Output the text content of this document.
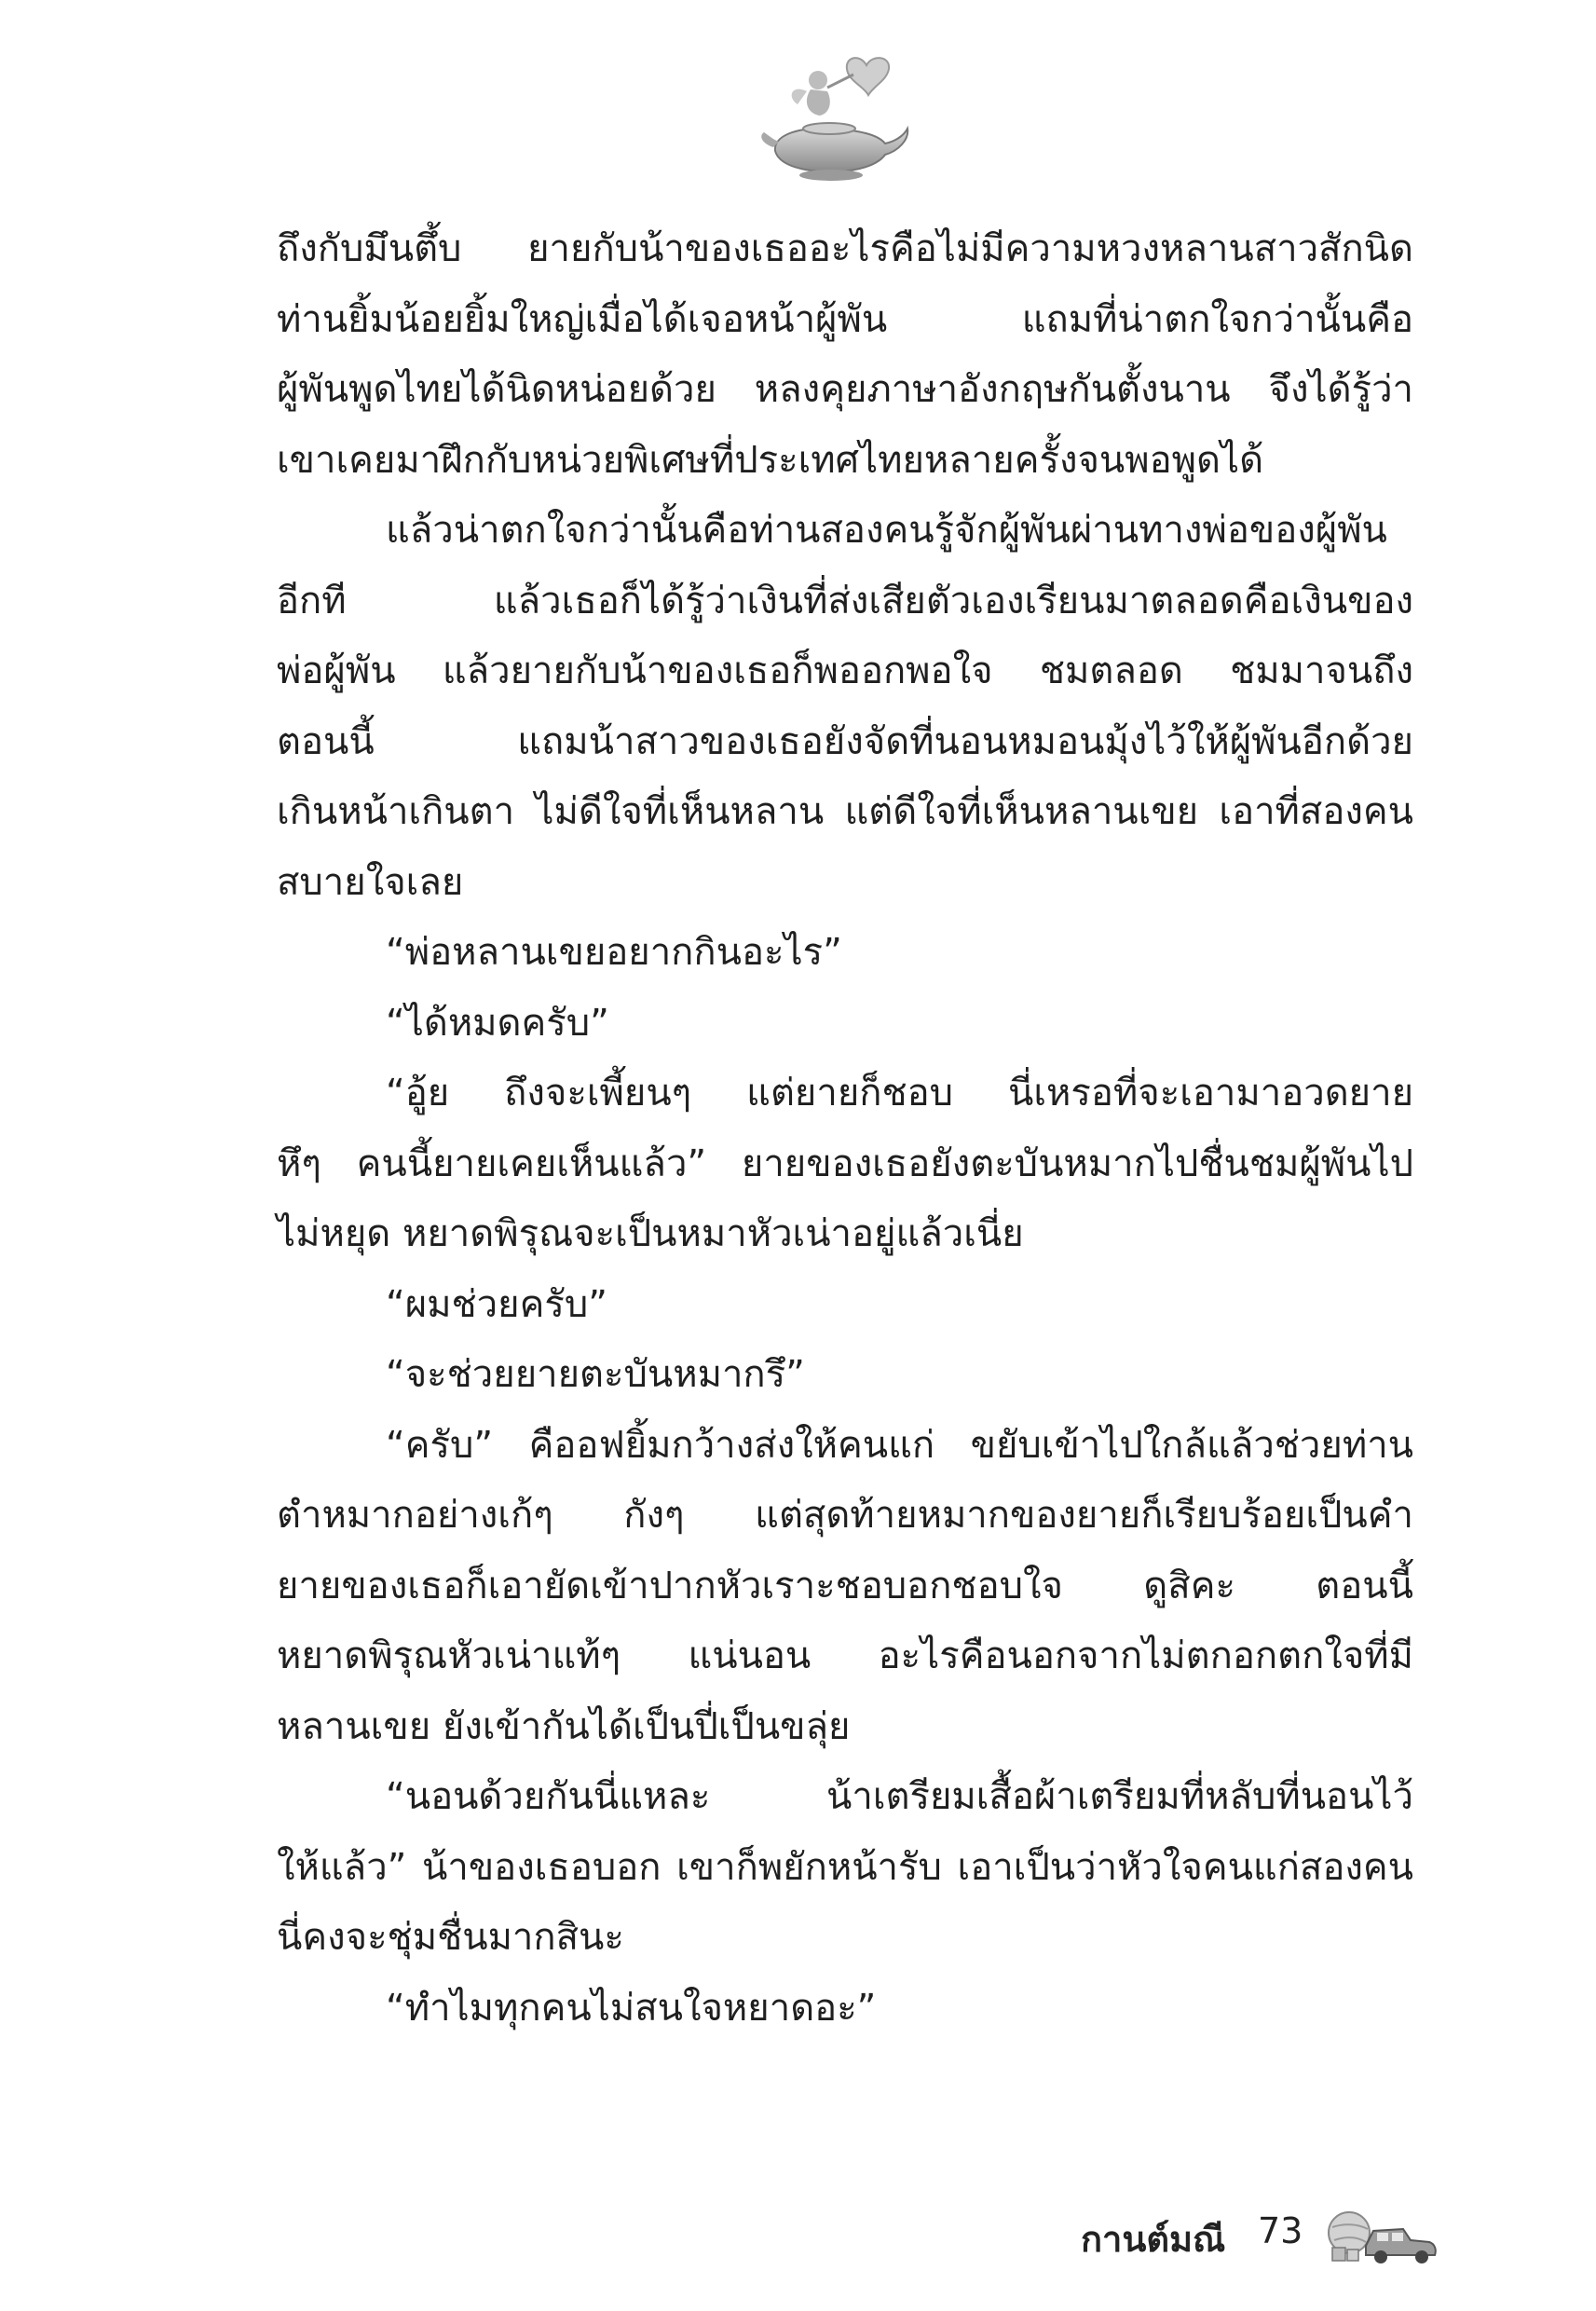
ถึงกับมึนตึ้บ ยายกับน้าของเธออะไรคือไม่มีความหวงหลานสาวสักนิด
ท่านยิ้มน้อยยิ้มใหญ่เมื่อได้เจอหน้าผู้พัน แถมที่น่าตกใจกว่านั้นคือ
ผู้พันพูดไทยได้นิดหน่อยด้วย หลงคุยภาษาอังกฤษกันตั้งนาน จึงได้รู้ว่า
เขาเคยมาฝึกกับหน่วยพิเศษที่ประเทศไทยหลายครั้งจนพอพูดได้
แล้วน่าตกใจกว่านั้นคือท่านสองคนรู้จักผู้พันผ่านทางพ่อของผู้พัน
อีกที แล้วเธอก็ได้รู้ว่าเงินที่ส่งเสียตัวเองเรียนมาตลอดคือเงินของ
พ่อผู้พัน แล้วยายกับน้าของเธอก็พออกพอใจ ชมตลอด ชมมาจนถึง
ตอนนี้ แถมน้าสาวของเธอยังจัดที่นอนหมอนมุ้งไว้ให้ผู้พันอีกด้วย
เกินหน้าเกินตา ไม่ดีใจที่เห็นหลาน แต่ดีใจที่เห็นหลานเขย เอาที่สองคน
สบายใจเลย
“พ่อหลานเขยอยากกินอะไร”
“ได้หมดครับ”
“อู้ย ถึงจะเพี้ยนๆ แต่ยายก็ชอบ นี่เหรอที่จะเอามาอวดยาย
หึๆ คนนี้ยายเคยเห็นแล้ว” ยายของเธอยังตะบันหมากไปชื่นชมผู้พันไป
ไม่หยุด หยาดพิรุณจะเป็นหมาหัวเน่าอยู่แล้วเนี่ย
“ผมช่วยครับ”
“จะช่วยยายตะบันหมากรึ”
“ครับ” คืออฟยิ้มกว้างส่งให้คนแก่ ขยับเข้าไปใกล้แล้วช่วยท่าน
ตำหมากอย่างเก้ๆ กังๆ แต่สุดท้ายหมากของยายก็เรียบร้อยเป็นคำ
ยายของเธอก็เอายัดเข้าปากหัวเราะชอบอกชอบใจ ดูสิคะ ตอนนี้
หยาดพิรุณหัวเน่าแท้ๆ แน่นอน อะไรคือนอกจากไม่ตกอกตกใจที่มี
หลานเขย ยังเข้ากันได้เป็นปี่เป็นขลุ่ย
“นอนด้วยกันนี่แหละ น้าเตรียมเสื้อผ้าเตรียมที่หลับที่นอนไว้
ให้แล้ว” น้าของเธอบอก เขาก็พยักหน้ารับ เอาเป็นว่าหัวใจคนแก่สองคน
นี่คงจะชุ่มชื่นมากสินะ
“ทำไมทุกคนไม่สนใจหยาดอะ”
กานต์มณี 73
